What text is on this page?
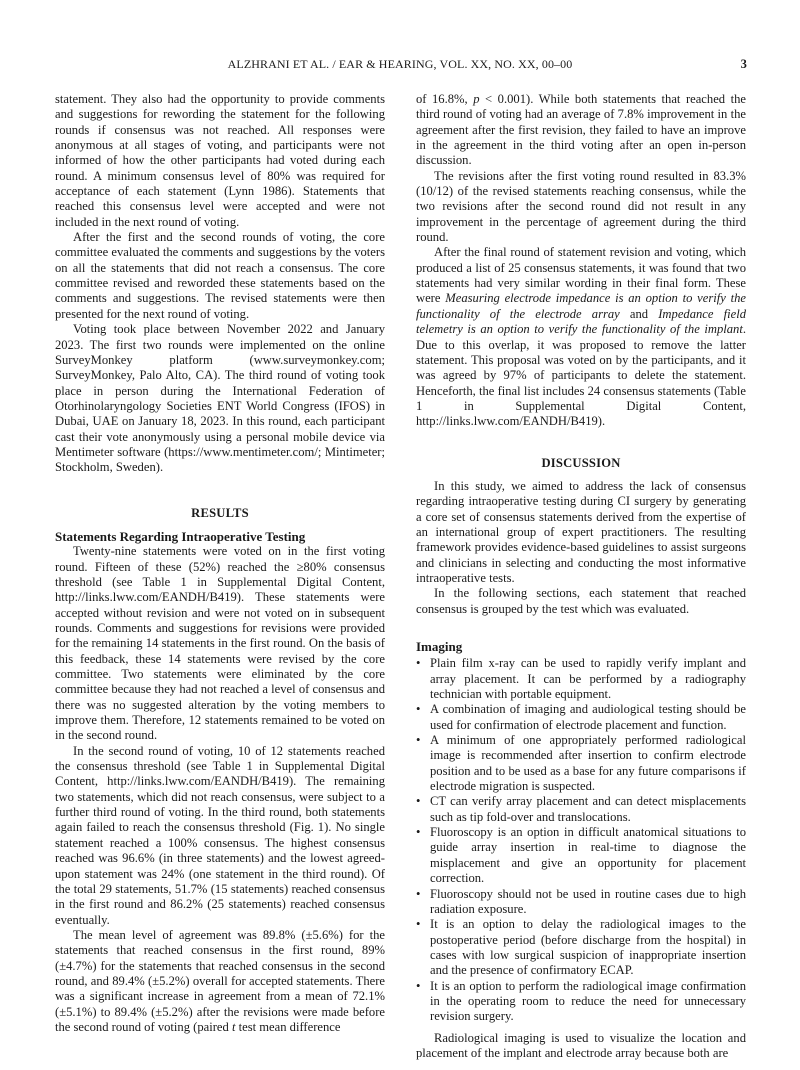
ALZHRANI ET AL. / EAR & HEARING, VOL. XX, NO. XX, 00–00	3

statement. They also had the opportunity to provide comments and suggestions for rewording the statement for the following rounds if consensus was not reached. All responses were anonymous at all stages of voting, and participants were not informed of how the other participants had voted during each round. A minimum consensus level of 80% was required for acceptance of each statement (Lynn 1986). Statements that reached this consensus level were accepted and were not included in the next round of voting.

After the first and the second rounds of voting, the core committee evaluated the comments and suggestions by the voters on all the statements that did not reach a consensus. The core committee revised and reworded these statements based on the comments and suggestions. The revised statements were then presented for the next round of voting.

Voting took place between November 2022 and January 2023. The first two rounds were implemented on the online SurveyMonkey platform (www.surveymonkey.com; SurveyMonkey, Palo Alto, CA). The third round of voting took place in person during the International Federation of Otorhinolaryngology Societies ENT World Congress (IFOS) in Dubai, UAE on January 18, 2023. In this round, each participant cast their vote anonymously using a personal mobile device via Mentimeter software (https://www.mentimeter.com/; Mintimeter; Stockholm, Sweden).

RESULTS
Statements Regarding Intraoperative Testing

Twenty-nine statements were voted on in the first voting round. Fifteen of these (52%) reached the ≥80% consensus threshold (see Table 1 in Supplemental Digital Content, http://links.lww.com/EANDH/B419). These statements were accepted without revision and were not voted on in subsequent rounds. Comments and suggestions for revisions were provided for the remaining 14 statements in the first round. On the basis of this feedback, these 14 statements were revised by the core committee. Two statements were eliminated by the core committee because they had not reached a level of consensus and there was no suggested alteration by the voting members to improve them. Therefore, 12 statements remained to be voted on in the second round.

In the second round of voting, 10 of 12 statements reached the consensus threshold (see Table 1 in Supplemental Digital Content, http://links.lww.com/EANDH/B419). The remaining two statements, which did not reach consensus, were subject to a further third round of voting. In the third round, both statements again failed to reach the consensus threshold (Fig. 1). No single statement reached a 100% consensus. The highest consensus reached was 96.6% (in three statements) and the lowest agreed-upon statement was 24% (one statement in the third round). Of the total 29 statements, 51.7% (15 statements) reached consensus in the first round and 86.2% (25 statements) reached consensus eventually.

The mean level of agreement was 89.8% (±5.6%) for the statements that reached consensus in the first round, 89% (±4.7%) for the statements that reached consensus in the second round, and 89.4% (±5.2%) overall for accepted statements. There was a significant increase in agreement from a mean of 72.1% (±5.1%) to 89.4% (±5.2%) after the revisions were made before the second round of voting (paired t test mean difference

of 16.8%, p < 0.001). While both statements that reached the third round of voting had an average of 7.8% improvement in the agreement after the first revision, they failed to have an improve in the agreement in the third voting after an open in-person discussion.

The revisions after the first voting round resulted in 83.3% (10/12) of the revised statements reaching consensus, while the two revisions after the second round did not result in any improvement in the percentage of agreement during the third round.

After the final round of statement revision and voting, which produced a list of 25 consensus statements, it was found that two statements had very similar wording in their final form. These were Measuring electrode impedance is an option to verify the functionality of the electrode array and Impedance field telemetry is an option to verify the functionality of the implant. Due to this overlap, it was proposed to remove the latter statement. This proposal was voted on by the participants, and it was agreed by 97% of participants to delete the statement. Henceforth, the final list includes 24 consensus statements (Table 1 in Supplemental Digital Content, http://links.lww.com/EANDH/B419).

DISCUSSION

In this study, we aimed to address the lack of consensus regarding intraoperative testing during CI surgery by generating a core set of consensus statements derived from the expertise of an international group of expert practitioners. The resulting framework provides evidence-based guidelines to assist surgeons and clinicians in selecting and conducting the most informative intraoperative tests.

In the following sections, each statement that reached consensus is grouped by the test which was evaluated.

Imaging
• Plain film x-ray can be used to rapidly verify implant and array placement. It can be performed by a radiography technician with portable equipment.
• A combination of imaging and audiological testing should be used for confirmation of electrode placement and function.
• A minimum of one appropriately performed radiological image is recommended after insertion to confirm electrode position and to be used as a base for any future comparisons if electrode migration is suspected.
• CT can verify array placement and can detect misplacements such as tip fold-over and translocations.
• Fluoroscopy is an option in difficult anatomical situations to guide array insertion in real-time to diagnose the misplacement and give an opportunity for placement correction.
• Fluoroscopy should not be used in routine cases due to high radiation exposure.
• It is an option to delay the radiological images to the postoperative period (before discharge from the hospital) in cases with low surgical suspicion of inappropriate insertion and the presence of confirmatory ECAP.
• It is an option to perform the radiological image confirmation in the operating room to reduce the need for unnecessary revision surgery.

Radiological imaging is used to visualize the location and placement of the implant and electrode array because both are
